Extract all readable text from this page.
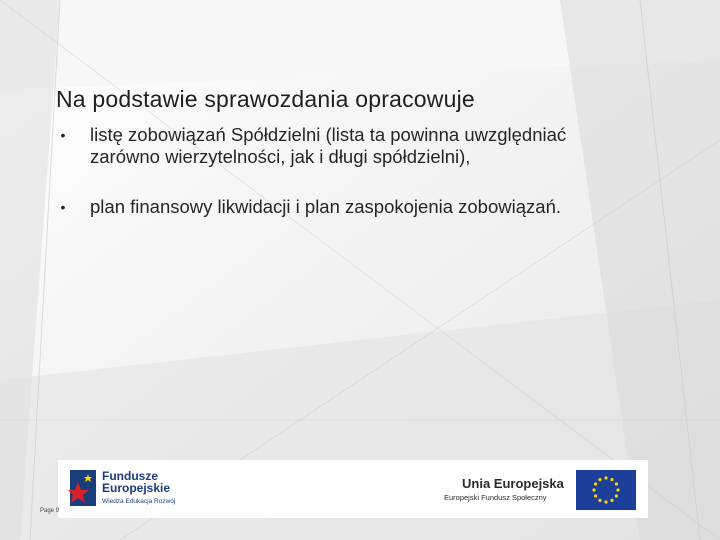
Na podstawie sprawozdania opracowuje
• listę zobowiązań Spółdzielni (lista ta powinna uwzględniać zarówno wierzytelności, jak i długi spółdzielni),
• plan finansowy likwidacji i plan zaspokojenia zobowiązań.
Fundusze
Europejskie
Wiedza Edukacja Rozwój
Unia Europejska
Europejski Fundusz Społeczny
Page 9
